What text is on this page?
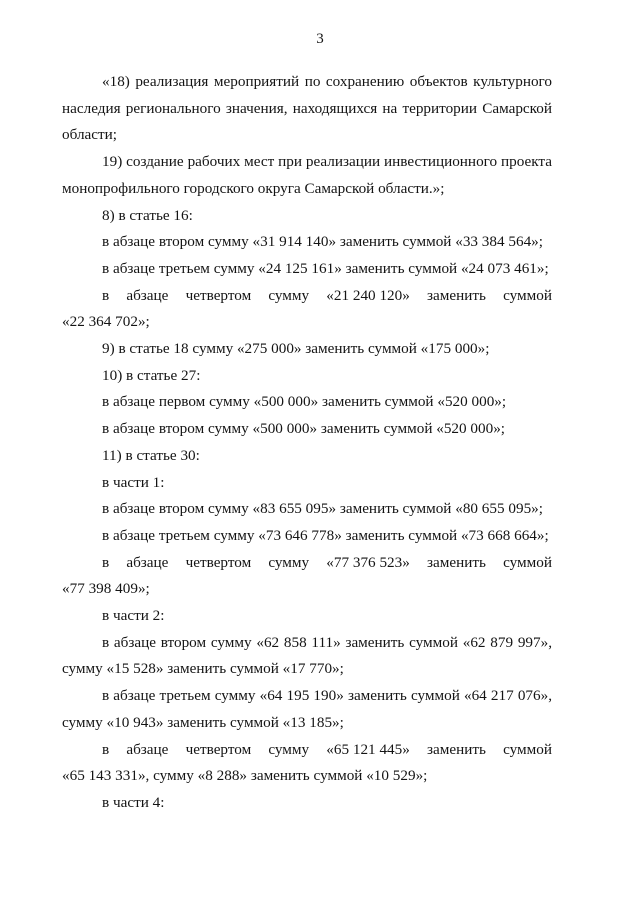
3

«18) реализация мероприятий по сохранению объектов культурного наследия регионального значения, находящихся на территории Самарской области;

19) создание рабочих мест при реализации инвестиционного проекта монопрофильного городского округа Самарской области.»;

8) в статье 16:

в абзаце втором сумму «31 914 140» заменить суммой «33 384 564»;

в абзаце третьем сумму «24 125 161» заменить суммой «24 073 461»;

в абзаце четвертом сумму «21 240 120» заменить суммой
«22 364 702»;

9) в статье 18 сумму «275 000» заменить суммой «175 000»;

10) в статье 27:

в абзаце первом сумму «500 000» заменить суммой «520 000»;

в абзаце втором сумму «500 000» заменить суммой «520 000»;

11) в статье 30:

в части 1:

в абзаце втором сумму «83 655 095» заменить суммой «80 655 095»;

в абзаце третьем сумму «73 646 778» заменить суммой «73 668 664»;

в абзаце четвертом сумму «77 376 523» заменить суммой
«77 398 409»;

в части 2:

в абзаце втором сумму «62 858 111» заменить суммой «62 879 997», сумму «15 528» заменить суммой «17 770»;

в абзаце третьем сумму «64 195 190» заменить суммой «64 217 076», сумму «10 943» заменить суммой «13 185»;

в абзаце четвертом сумму «65 121 445» заменить суммой
«65 143 331», сумму «8 288» заменить суммой «10 529»;

в части 4:
